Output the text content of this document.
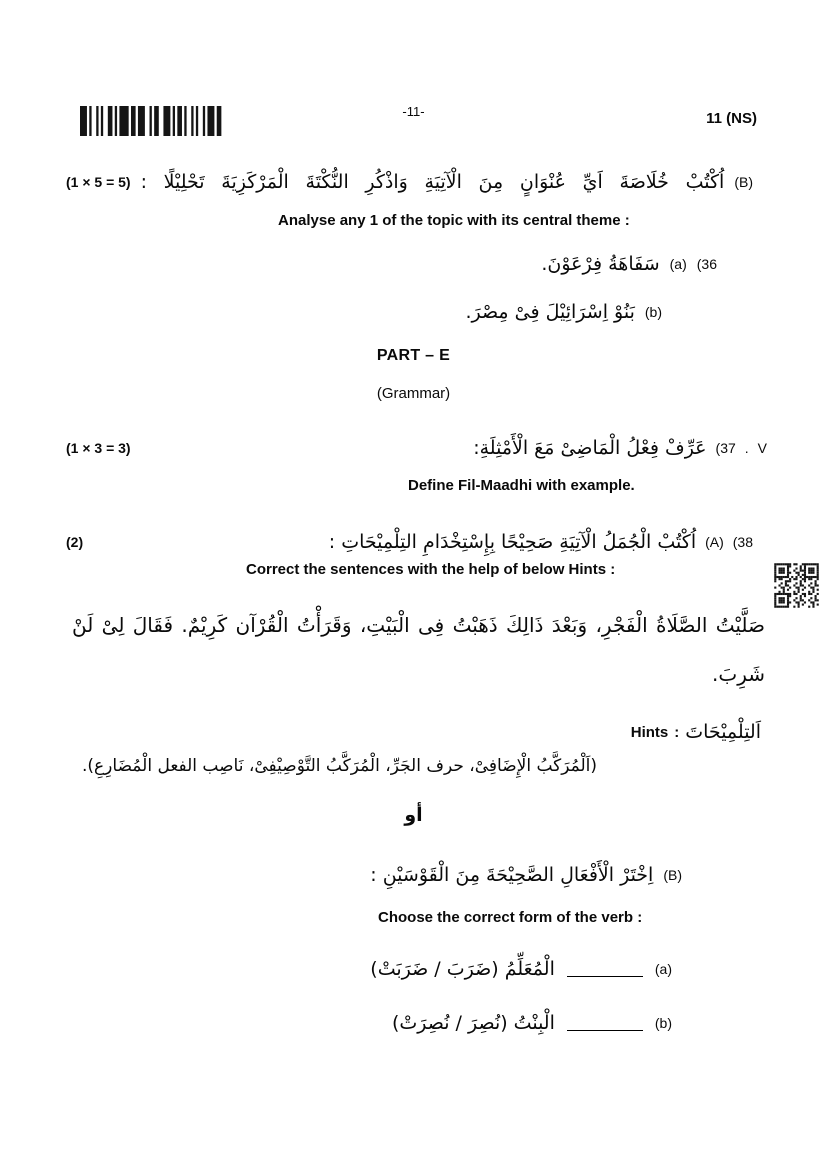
-11-	11 (NS)
(1 × 5 = 5) اُكْتُبْ خُلَاصَةَ اَيِّ عُنْوَانٍ مِنَ الْآتِيَةِ وَاذْكُرِ النُّكْتَةَ الْمَرْكَزِيَةَ تَحْلِيْلًا : (B)
Analyse any 1 of the topic with its central theme :
سَفَاهَةُ فِرْعَوْنَ. (a) (36
بَنُوْ اِسْرَائِيْلَ فِىْ مِصْرَ. (b)
PART – E
(Grammar)
(1 × 3 = 3)	عَرِّفْ فِعْلُ الْمَاضِىْ مَعَ الْأَمْثِلَةِ: (37 . V
Define Fil-Maadhi with example.
(2)	اُكْتُبْ الْجُمَلُ الْآتِيَةِ صَحِيْحًا بِإِسْتِخْدَامِ التِلْمِيْحَاتِ : (A) (38
Correct the sentences with the help of below Hints :
صَلَّيْتُ الصَّلَاةُ الْفَجْرِ، وَبَعْدَ ذَالِكَ ذَهَبْتُ فِى الْبَيْتِ، وَقَرَأْتُ الْقُرْآن كَرِيْمٌ. فَقَالَ لِىْ لَنْ
شَرِبَ.
Hints : اَلتِلْمِيْحَاتَ
(اَلْمُرَكَّبُ الْإِضَافِىْ، حرف الجَرِّ، الْمُرَكَّبُ التَّوْصِيْفِىْ، نَاصِب الفعل الْمُضَارِعِ).
أو
اِخْتَرْ الْأَفْعَالِ الصَّحِيْحَةَ مِنَ الْقَوْسَيْنِ : (B)
Choose the correct form of the verb :
الْمُعَلِّمُ (ضَرَبَ / ضَرَبَتْ)	(a)
الْبِنْتُ (نُصِرَ / نُصِرَتْ)	(b)
